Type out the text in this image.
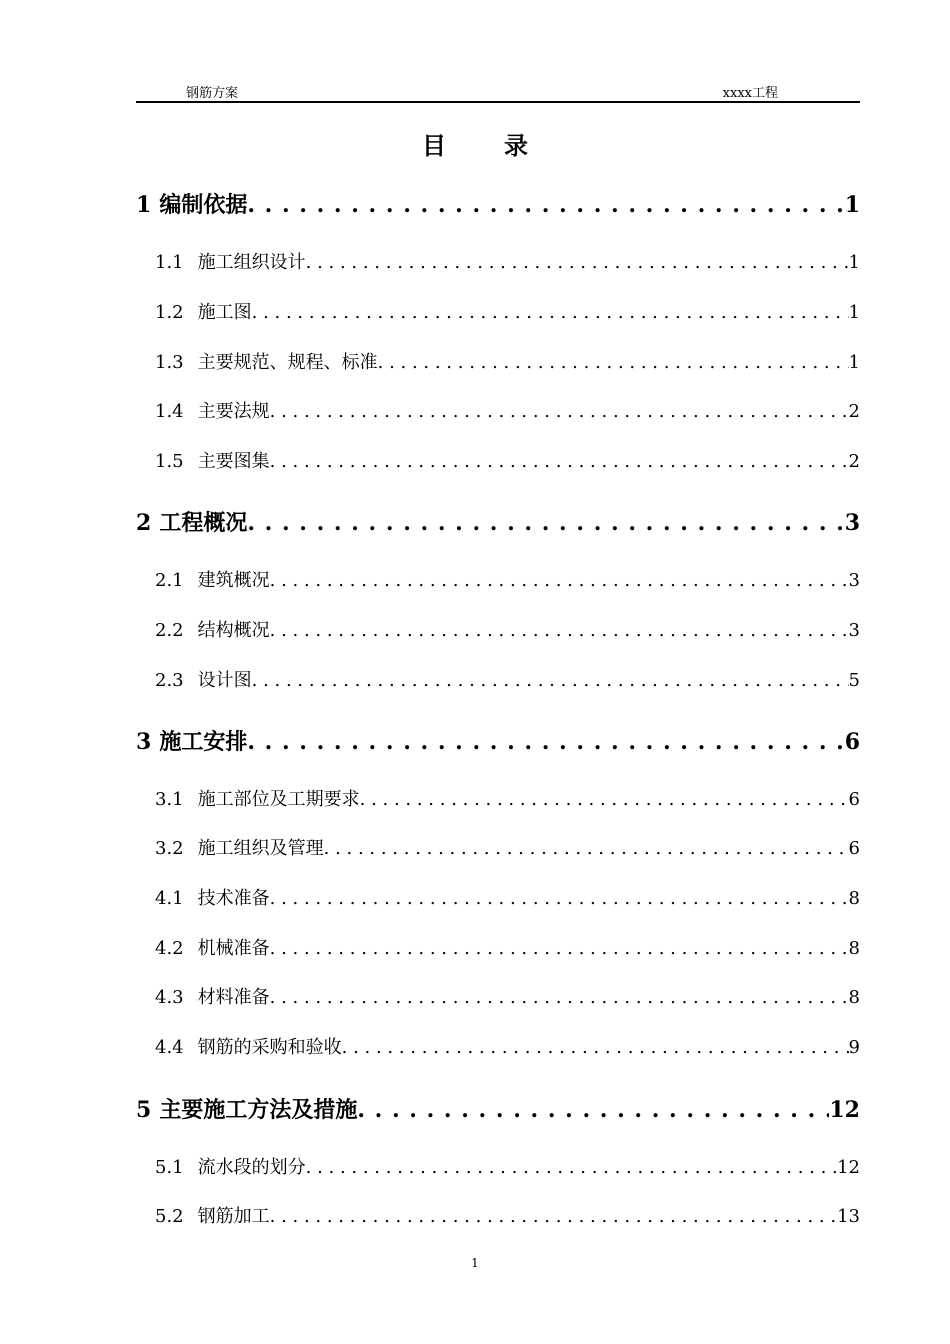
钢筋方案	xxxx工程
目录
1 编制依据 . . .	1
1.1 施工组织设计 . . .	1
1.2 施工图 . . .	1
1.3 主要规范、规程、标准 . . .	1
1.4 主要法规 . . .	2
1.5 主要图集 . . .	2
2 工程概况 . . .	3
2.1 建筑概况 . . .	3
2.2 结构概况 . . .	3
2.3 设计图 . . .	5
3 施工安排 . . .	6
3.1 施工部位及工期要求 . . .	6
3.2 施工组织及管理 . . .	6
4.1 技术准备 . . .	8
4.2 机械准备 . . .	8
4.3 材料准备 . . .	8
4.4 钢筋的采购和验收 . . .	9
5 主要施工方法及措施 . . .	12
5.1 流水段的划分 . . .	12
5.2 钢筋加工 . . .	13
1
